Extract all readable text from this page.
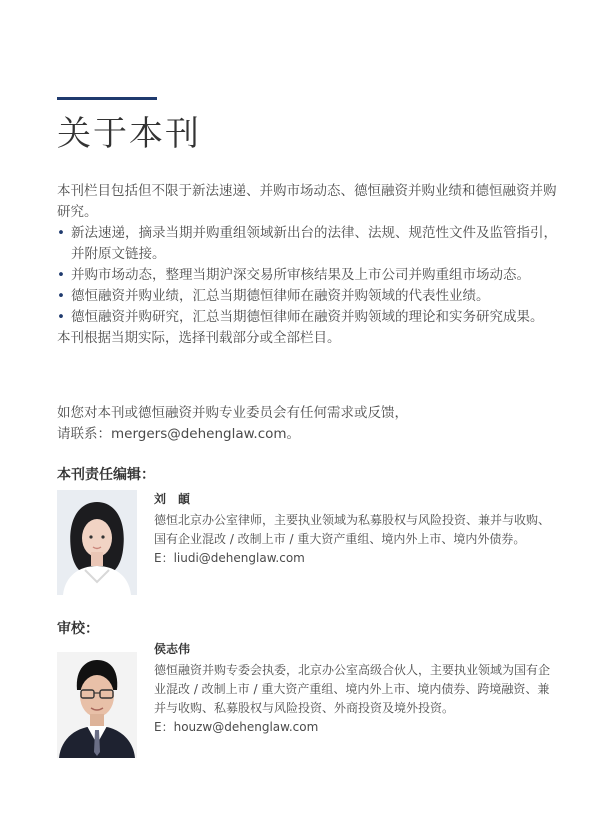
关于本刊

本刊栏目包括但不限于新法速递、并购市场动态、德恒融资并购业绩和德恒融资并购研究。

• 新法速递，摘录当期并购重组领域新出台的法律、法规、规范性文件及监管指引，并附原文链接。
• 并购市场动态，整理当期沪深交易所审核结果及上市公司并购重组市场动态。
• 德恒融资并购业绩，汇总当期德恒律师在融资并购领域的代表性业绩。
• 德恒融资并购研究，汇总当期德恒律师在融资并购领域的理论和实务研究成果。

本刊根据当期实际，选择刊载部分或全部栏目。

如您对本刊或德恒融资并购专业委员会有任何需求或反馈，

请联系：mergers@dehenglaw.com。

本刊责任编辑：

刘　頔

德恒北京办公室律师，主要执业领域为私募股权与风险投资、兼并与收购、国有企业混改 / 改制上市 / 重大资产重组、境内外上市、境内外债券。

E：liudi@dehenglaw.com

审校：

侯志伟

德恒融资并购专委会执委，北京办公室高级合伙人，主要执业领域为国有企业混改 / 改制上市 / 重大资产重组、境内外上市、境内债券、跨境融资、兼并与收购、私募股权与风险投资、外商投资及境外投资。

E：houzw@dehenglaw.com
